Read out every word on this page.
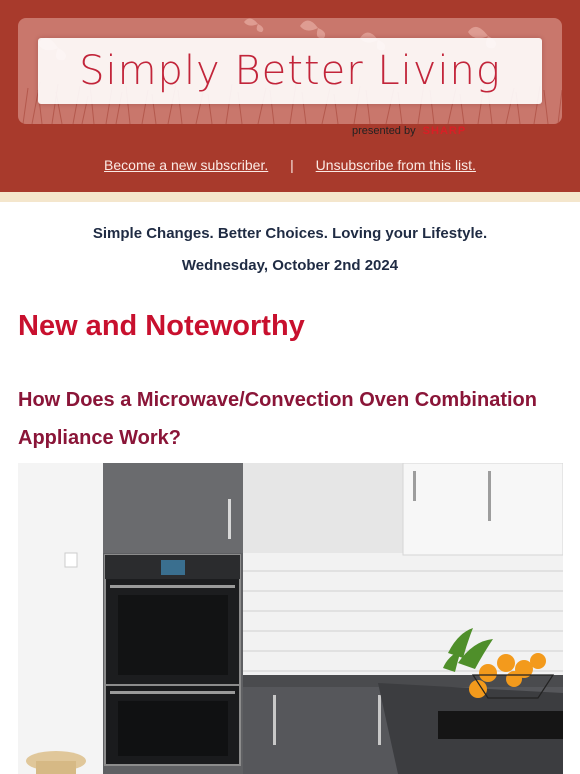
Simply Better Living
presented by SHARP
Become a new subscriber. | Unsubscribe from this list.
Simple Changes. Better Choices. Loving your Lifestyle.
Wednesday, October 2nd 2024
New and Noteworthy
How Does a Microwave/Convection Oven Combination Appliance Work?
